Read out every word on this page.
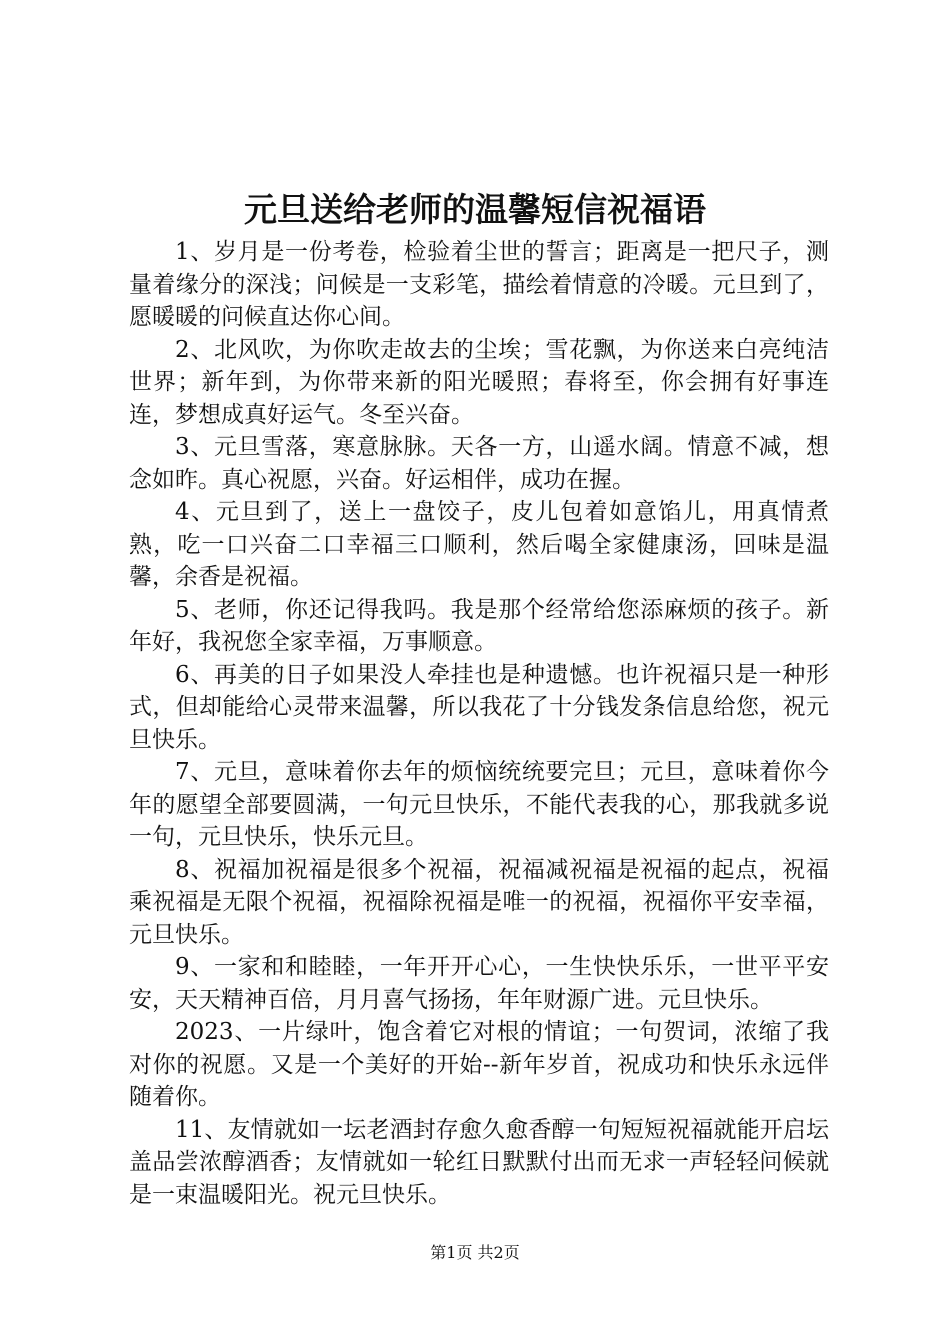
元旦送给老师的温馨短信祝福语

1、岁月是一份考卷，检验着尘世的誓言；距离是一把尺子，测量着缘分的深浅；问候是一支彩笔，描绘着情意的冷暖。元旦到了，愿暖暖的问候直达你心间。

2、北风吹，为你吹走故去的尘埃；雪花飘，为你送来白亮纯洁世界；新年到，为你带来新的阳光暖照；春将至，你会拥有好事连连，梦想成真好运气。冬至兴奋。

3、元旦雪落，寒意脉脉。天各一方，山遥水阔。情意不减，想念如昨。真心祝愿，兴奋。好运相伴，成功在握。

4、元旦到了，送上一盘饺子，皮儿包着如意馅儿，用真情煮熟，吃一口兴奋二口幸福三口顺利，然后喝全家健康汤，回味是温馨，余香是祝福。

5、老师，你还记得我吗。我是那个经常给您添麻烦的孩子。新年好，我祝您全家幸福，万事顺意。

6、再美的日子如果没人牵挂也是种遗憾。也许祝福只是一种形式，但却能给心灵带来温馨，所以我花了十分钱发条信息给您，祝元旦快乐。

7、元旦，意味着你去年的烦恼统统要完旦；元旦，意味着你今年的愿望全部要圆满，一句元旦快乐，不能代表我的心，那我就多说一句，元旦快乐，快乐元旦。

8、祝福加祝福是很多个祝福，祝福减祝福是祝福的起点，祝福乘祝福是无限个祝福，祝福除祝福是唯一的祝福，祝福你平安幸福，元旦快乐。

9、一家和和睦睦，一年开开心心，一生快快乐乐，一世平平安安，天天精神百倍，月月喜气扬扬，年年财源广进。元旦快乐。

2023、一片绿叶，饱含着它对根的情谊；一句贺词，浓缩了我对你的祝愿。又是一个美好的开始--新年岁首，祝成功和快乐永远伴随着你。

11、友情就如一坛老酒封存愈久愈香醇一句短短祝福就能开启坛盖品尝浓醇酒香；友情就如一轮红日默默付出而无求一声轻轻问候就是一束温暖阳光。祝元旦快乐。

第1页 共2页
